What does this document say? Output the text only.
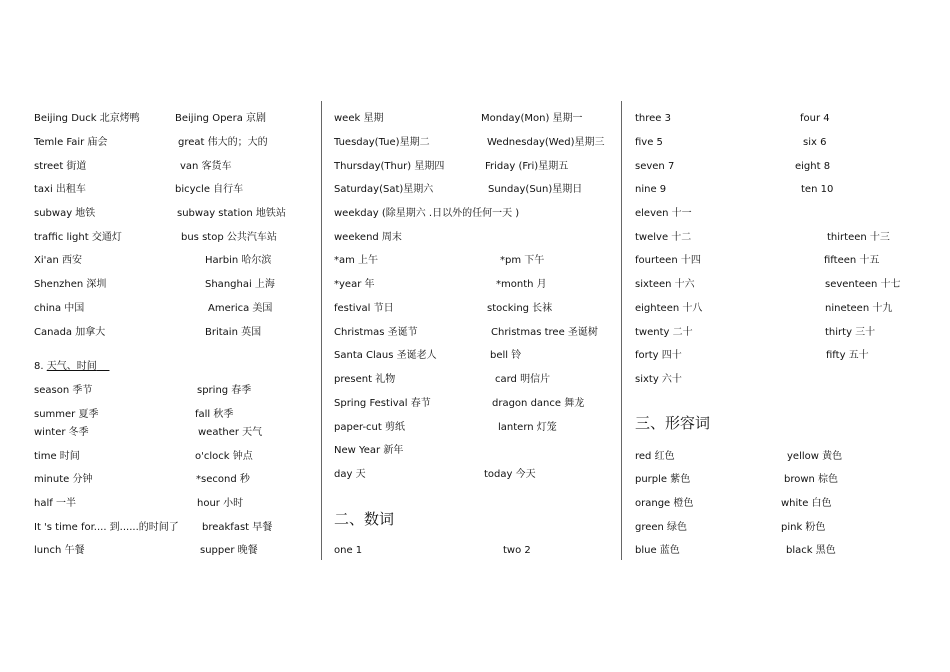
Beijing Duck 北京烤鸭	Beijing Opera 京剧
Temle Fair 庙会	great 伟大的；大的
street 街道	van 客货车
taxi 出租车	bicycle 自行车
subway 地铁	subway station 地铁站
traffic light 交通灯	bus stop 公共汽车站
Xi'an 西安	Harbin 哈尔滨
Shenzhen 深圳	Shanghai 上海
china 中国	America 美国
Canada 加拿大	Britain 英国
8. 天气、时间
season 季节	spring 春季
summer 夏季	fall 秋季
winter 冬季	weather 天气
time 时间	o'clock 钟点
minute 分钟	*second 秒
half 一半	hour 小时
It 's time for.... 到......的时间了 breakfast 早餐
lunch 午餐	supper 晚餐
week 星期	Monday(Mon) 星期一
Tuesday(Tue)星期二	Wednesday(Wed)星期三
Thursday(Thur) 星期四	Friday (Fri)星期五
Saturday(Sat)星期六	Sunday(Sun)星期日
weekday (除星期六 .日以外的任何一天 )
weekend 周末
*am 上午	*pm 下午
*year 年	*month 月
festival 节日	stocking 长袜
Christmas 圣诞节	Christmas tree 圣诞树
Santa Claus 圣诞老人	bell 铃
present 礼物	card 明信片
Spring Festival 春节	dragon dance 舞龙
paper-cut 剪纸	lantern 灯笼
New Year 新年
day 天	today 今天
二、数词
one 1	two 2
three 3	four 4
five 5	six 6
seven 7	eight 8
nine 9	ten 10
eleven 十一
twelve 十二	thirteen 十三
fourteen 十四	fifteen 十五
sixteen 十六	seventeen 十七
eighteen 十八	nineteen 十九
twenty 二十	thirty 三十
forty 四十	fifty 五十
sixty 六十
三、形容词
red 红色	yellow 黄色
purple 紫色	brown 棕色
orange 橙色	white 白色
green 绿色	pink 粉色
blue 蓝色	black 黑色
